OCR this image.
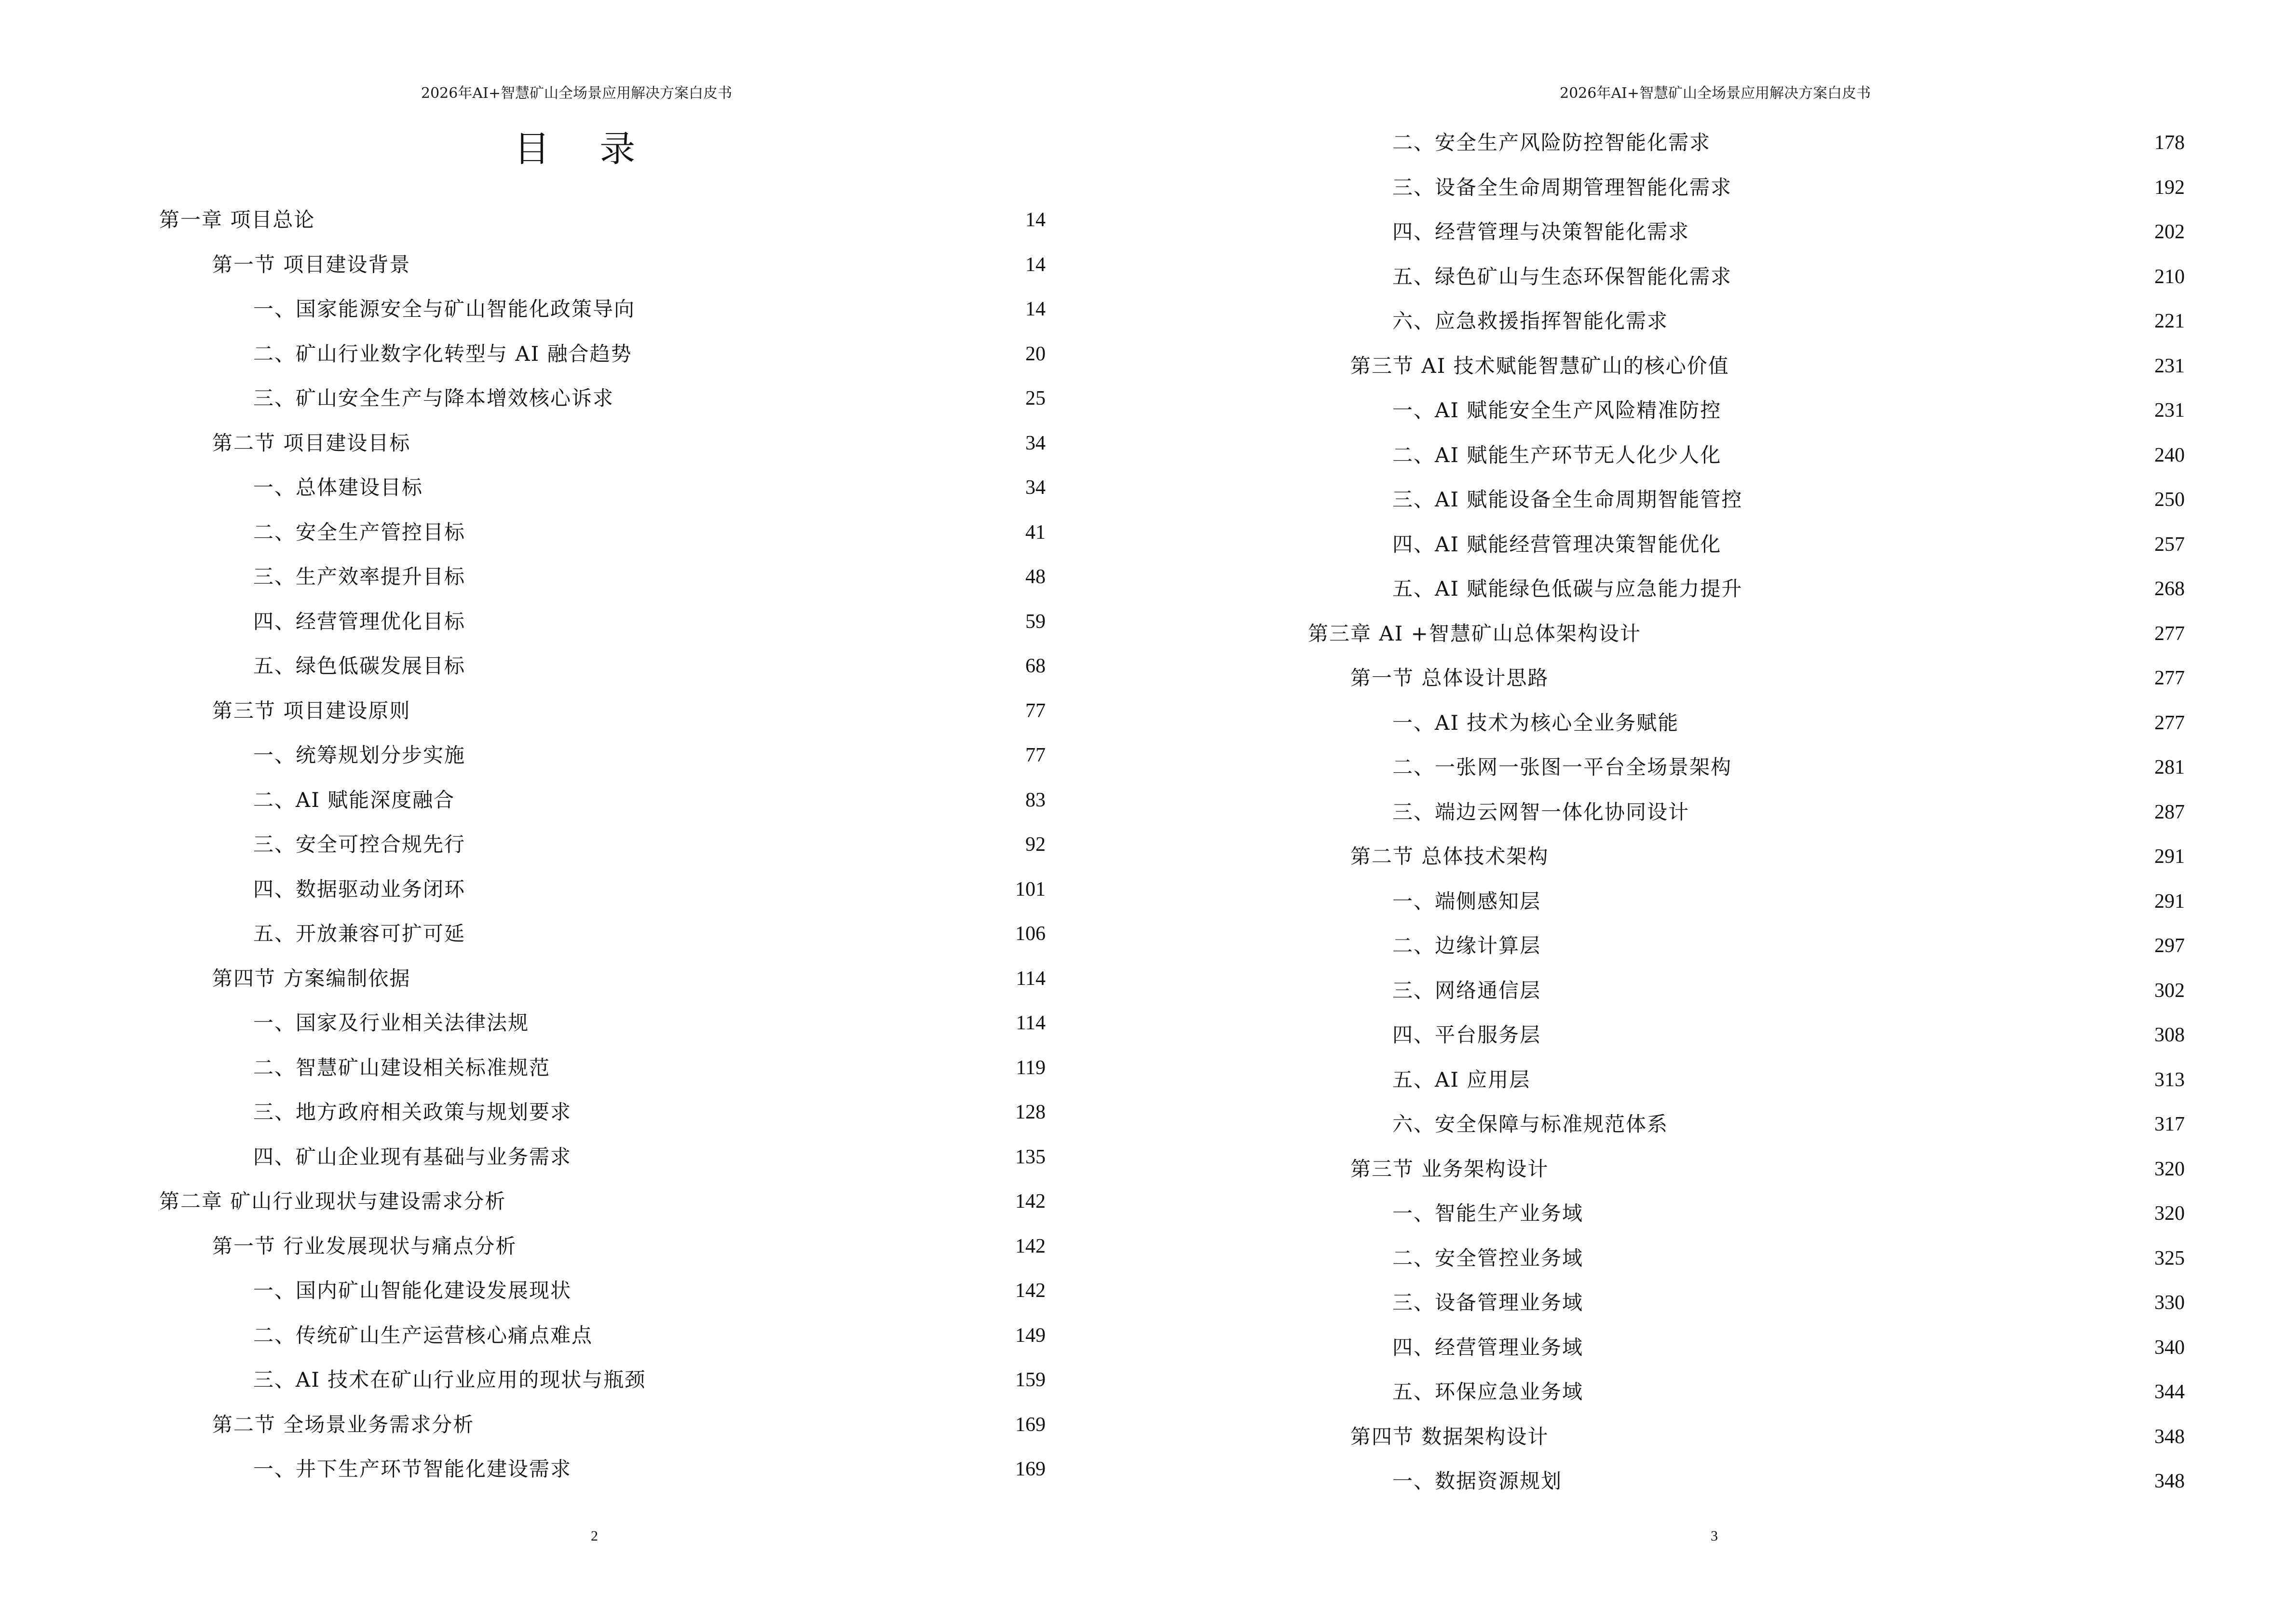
2026年AI+智慧矿山全场景应用解决方案白皮书
目 录
第一章 项目总论	14
第一节 项目建设背景	14
一、国家能源安全与矿山智能化政策导向	14
二、矿山行业数字化转型与 AI 融合趋势	20
三、矿山安全生产与降本增效核心诉求	25
第二节 项目建设目标	34
一、总体建设目标	34
二、安全生产管控目标	41
三、生产效率提升目标	48
四、经营管理优化目标	59
五、绿色低碳发展目标	68
第三节 项目建设原则	77
一、统筹规划分步实施	77
二、AI 赋能深度融合	83
三、安全可控合规先行	92
四、数据驱动业务闭环	101
五、开放兼容可扩可延	106
第四节 方案编制依据	114
一、国家及行业相关法律法规	114
二、智慧矿山建设相关标准规范	119
三、地方政府相关政策与规划要求	128
四、矿山企业现有基础与业务需求	135
第二章 矿山行业现状与建设需求分析	142
第一节 行业发展现状与痛点分析	142
一、国内矿山智能化建设发展现状	142
二、传统矿山生产运营核心痛点难点	149
三、AI 技术在矿山行业应用的现状与瓶颈	159
第二节 全场景业务需求分析	169
一、井下生产环节智能化建设需求	169
2
2026年AI+智慧矿山全场景应用解决方案白皮书
二、安全生产风险防控智能化需求	178
三、设备全生命周期管理智能化需求	192
四、经营管理与决策智能化需求	202
五、绿色矿山与生态环保智能化需求	210
六、应急救援指挥智能化需求	221
第三节 AI 技术赋能智慧矿山的核心价值	231
一、AI 赋能安全生产风险精准防控	231
二、AI 赋能生产环节无人化少人化	240
三、AI 赋能设备全生命周期智能管控	250
四、AI 赋能经营管理决策智能优化	257
五、AI 赋能绿色低碳与应急能力提升	268
第三章 AI +智慧矿山总体架构设计	277
第一节 总体设计思路	277
一、AI 技术为核心全业务赋能	277
二、一张网一张图一平台全场景架构	281
三、端边云网智一体化协同设计	287
第二节 总体技术架构	291
一、端侧感知层	291
二、边缘计算层	297
三、网络通信层	302
四、平台服务层	308
五、AI 应用层	313
六、安全保障与标准规范体系	317
第三节 业务架构设计	320
一、智能生产业务域	320
二、安全管控业务域	325
三、设备管理业务域	330
四、经营管理业务域	340
五、环保应急业务域	344
第四节 数据架构设计	348
一、数据资源规划	348
3
